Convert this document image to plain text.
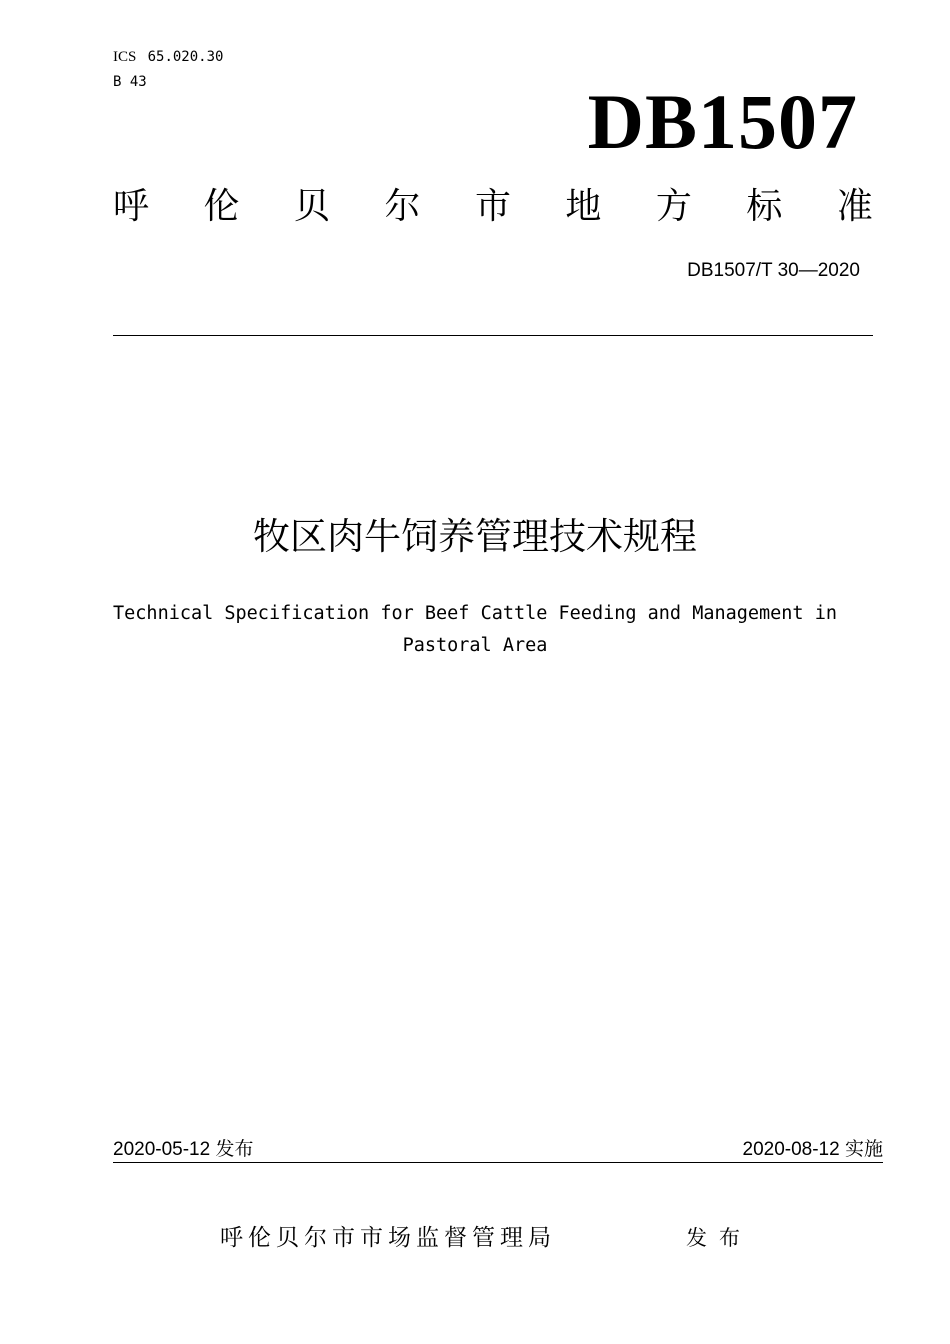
ICS 65.020.30
B 43	DB1507
呼 伦 贝 尔 市 地 方 标 准
DB1507/T 30—2020
牧区肉牛饲养管理技术规程
Technical Specification for Beef Cattle Feeding and Management in Pastoral Area
2020-05-12 发布	2020-08-12 实施
呼伦贝尔市市场监督管理局	发布
